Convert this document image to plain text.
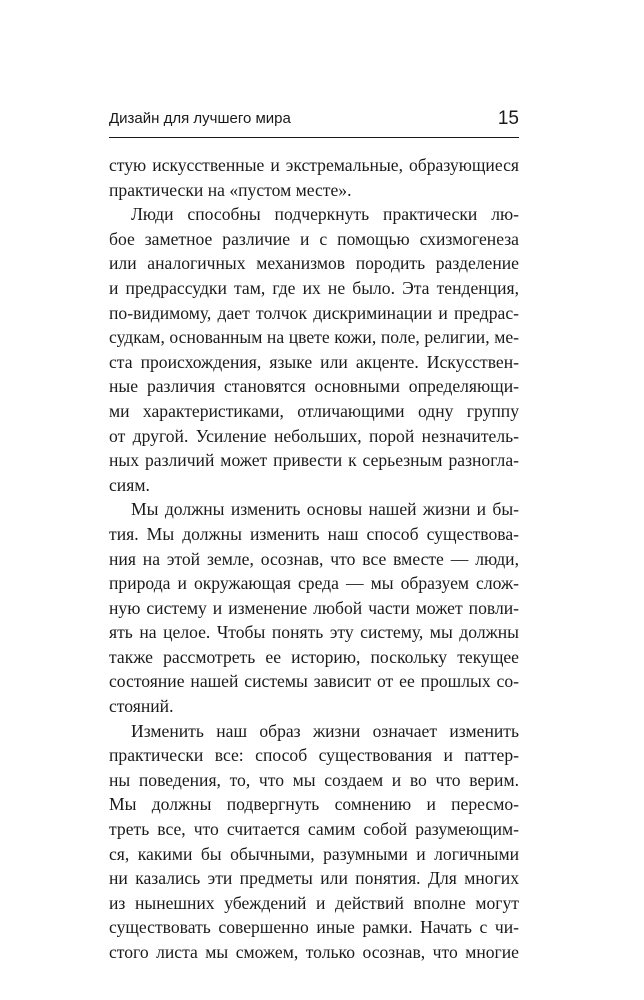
Дизайн для лучшего мира	15
стую искусственные и экстремальные, образующиеся
практически на «пустом месте».
Люди способны подчеркнуть практически лю-
бое заметное различие и с помощью схизмогенеза
или аналогичных механизмов породить разделение
и предрассудки там, где их не было. Эта тенденция,
по-видимому, дает толчок дискриминации и предрас-
судкам, основанным на цвете кожи, поле, религии, ме-
ста происхождения, языке или акценте. Искусствен-
ные различия становятся основными определяющи-
ми характеристиками, отличающими одну группу
от другой. Усиление небольших, порой незначитель-
ных различий может привести к серьезным разногла-
сиям.
Мы должны изменить основы нашей жизни и бы-
тия. Мы должны изменить наш способ существова-
ния на этой земле, осознав, что все вместе — люди,
природа и окружающая среда — мы образуем слож-
ную систему и изменение любой части может повли-
ять на целое. Чтобы понять эту систему, мы должны
также рассмотреть ее историю, поскольку текущее
состояние нашей системы зависит от ее прошлых со-
стояний.
Изменить наш образ жизни означает изменить
практически все: способ существования и паттер-
ны поведения, то, что мы создаем и во что верим.
Мы должны подвергнуть сомнению и пересмо-
треть все, что считается самим собой разумеющим-
ся, какими бы обычными, разумными и логичными
ни казались эти предметы или понятия. Для многих
из нынешних убеждений и действий вполне могут
существовать совершенно иные рамки. Начать с чи-
стого листа мы сможем, только осознав, что многие
